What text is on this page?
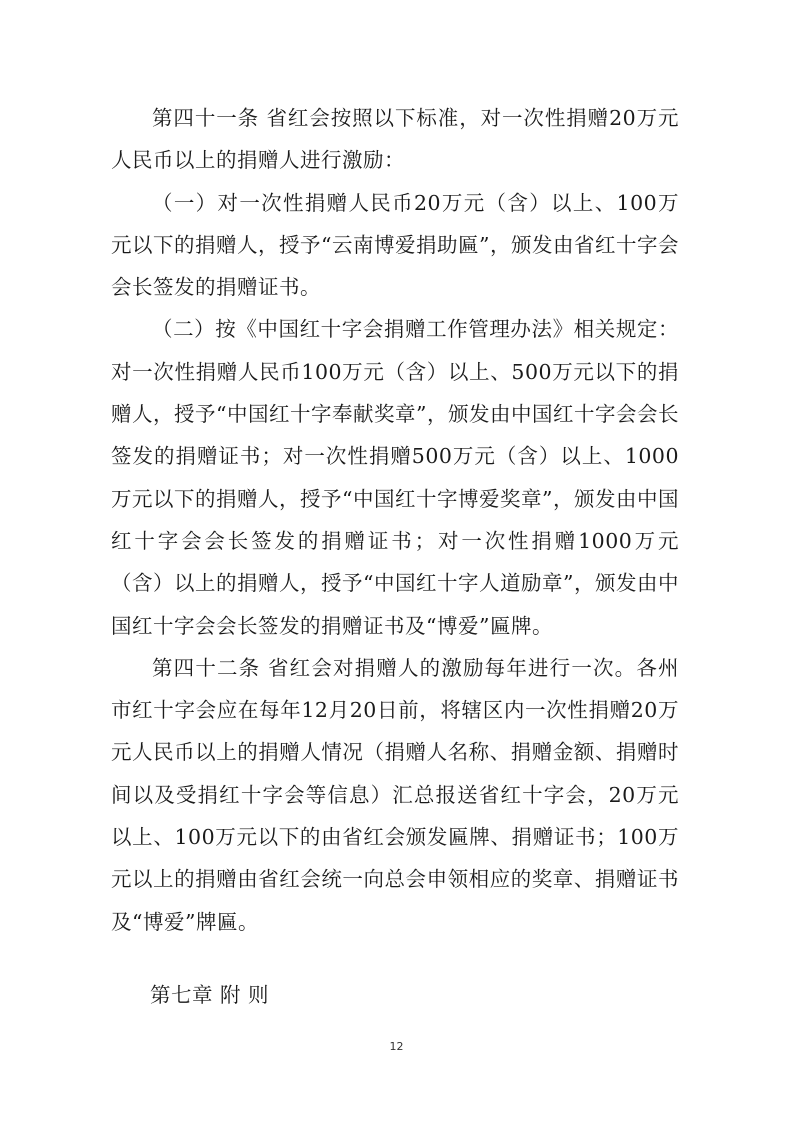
第四十一条 省红会按照以下标准，对一次性捐赠20万元人民币以上的捐赠人进行激励：

（一）对一次性捐赠人民币20万元（含）以上、100万元以下的捐赠人，授予“云南博爱捐助匾”，颁发由省红十字会会长签发的捐赠证书。

（二）按《中国红十字会捐赠工作管理办法》相关规定：对一次性捐赠人民币100万元（含）以上、500万元以下的捐赠人，授予“中国红十字奉献奖章”，颁发由中国红十字会会长签发的捐赠证书；对一次性捐赠500万元（含）以上、1000万元以下的捐赠人，授予“中国红十字博爱奖章”，颁发由中国红十字会会长签发的捐赠证书；对一次性捐赠1000万元（含）以上的捐赠人，授予“中国红十字人道励章”，颁发由中国红十字会会长签发的捐赠证书及“博爱”匾牌。

第四十二条 省红会对捐赠人的激励每年进行一次。各州市红十字会应在每年12月20日前，将辖区内一次性捐赠20万元人民币以上的捐赠人情况（捐赠人名称、捐赠金额、捐赠时间以及受捐红十字会等信息）汇总报送省红十字会，20万元以上、100万元以下的由省红会颁发匾牌、捐赠证书；100万元以上的捐赠由省红会统一向总会申领相应的奖章、捐赠证书及“博爱”牌匾。

第七章 附 则
12
